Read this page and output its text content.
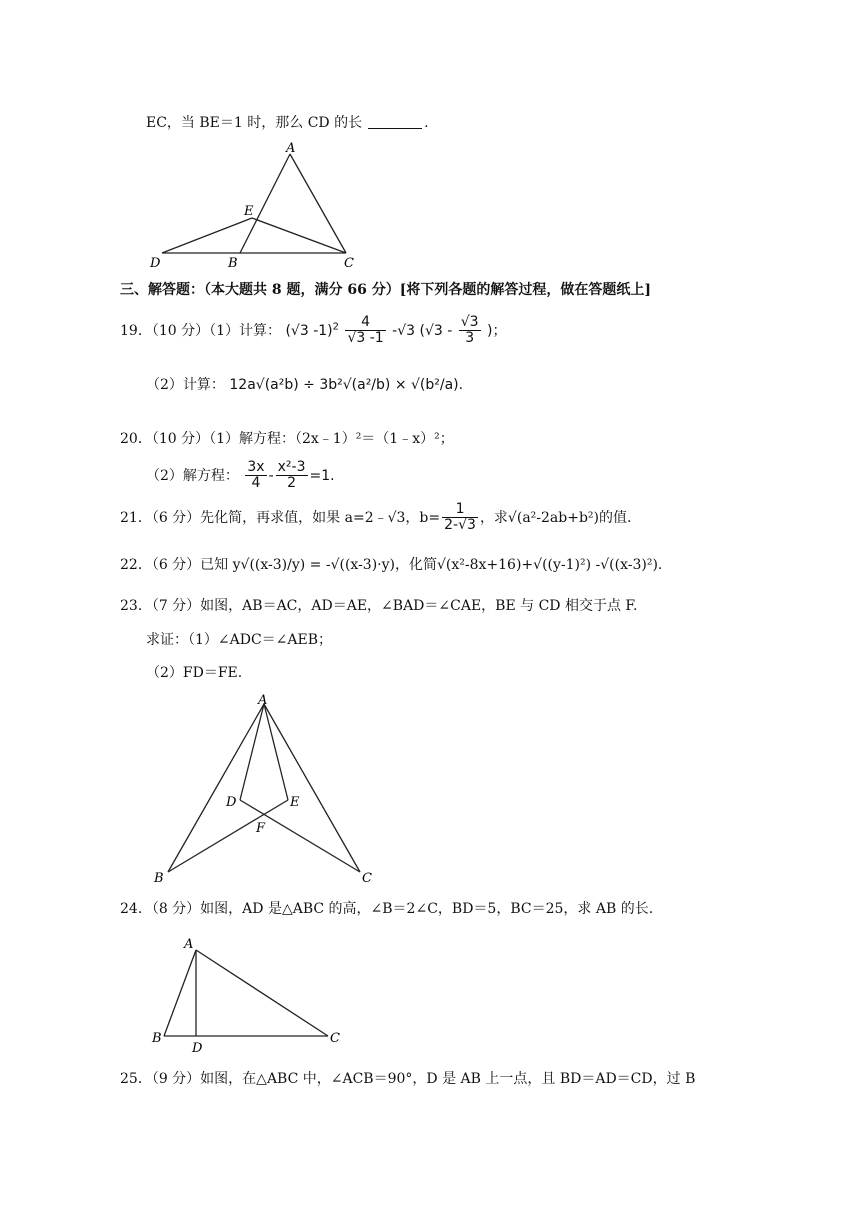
EC，当 BE＝1 时，那么 CD 的长	.
A
E
D	B	C
三、解答题：（本大题共 8 题，满分 66 分）[将下列各题的解答过程，做在答题纸上]
19．（10 分）（1）计算： (√3 $-1)^2 \frac{4}{√3 -1} -√3$ ($√3 - \frac{√3}{3}$ )；
（2）计算： 12a√(a²b) ÷ 3b²√(a²/b) × √(b²/a).
20．（10 分）（1）解方程：（2x﹣1）²＝（1﹣x）²；
（2）解方程： $\frac{3x}{4} - \frac{\text{x²-3}}{2} =1$.
21．（6 分）先化简，再求值，如果 a=2﹣√3，$b= \frac{1}{2-√3}$ ，求√(a²-2ab+b²)的值.
22．（6 分）已知 y√((x-3)/y) = -√((x-3)·y)，化简√(x²-8x+16)+√((y-1)²) -√((x-3)²).
23．（7 分）如图，AB＝AC，AD＝AE，∠BAD＝∠CAE，BE 与 CD 相交于点 F.
求证：（1）∠ADC＝∠AEB；
（2）FD＝FE.
A
D	E
F
B	C
24．（8 分）如图，AD 是△ABC 的高，∠B＝2∠C，BD＝5，BC＝25，求 AB 的长.
A
B
D
C
25．（9 分）如图，在△ABC 中，∠ACB＝90°，D 是 AB 上一点，且 BD＝AD＝CD，过 B
